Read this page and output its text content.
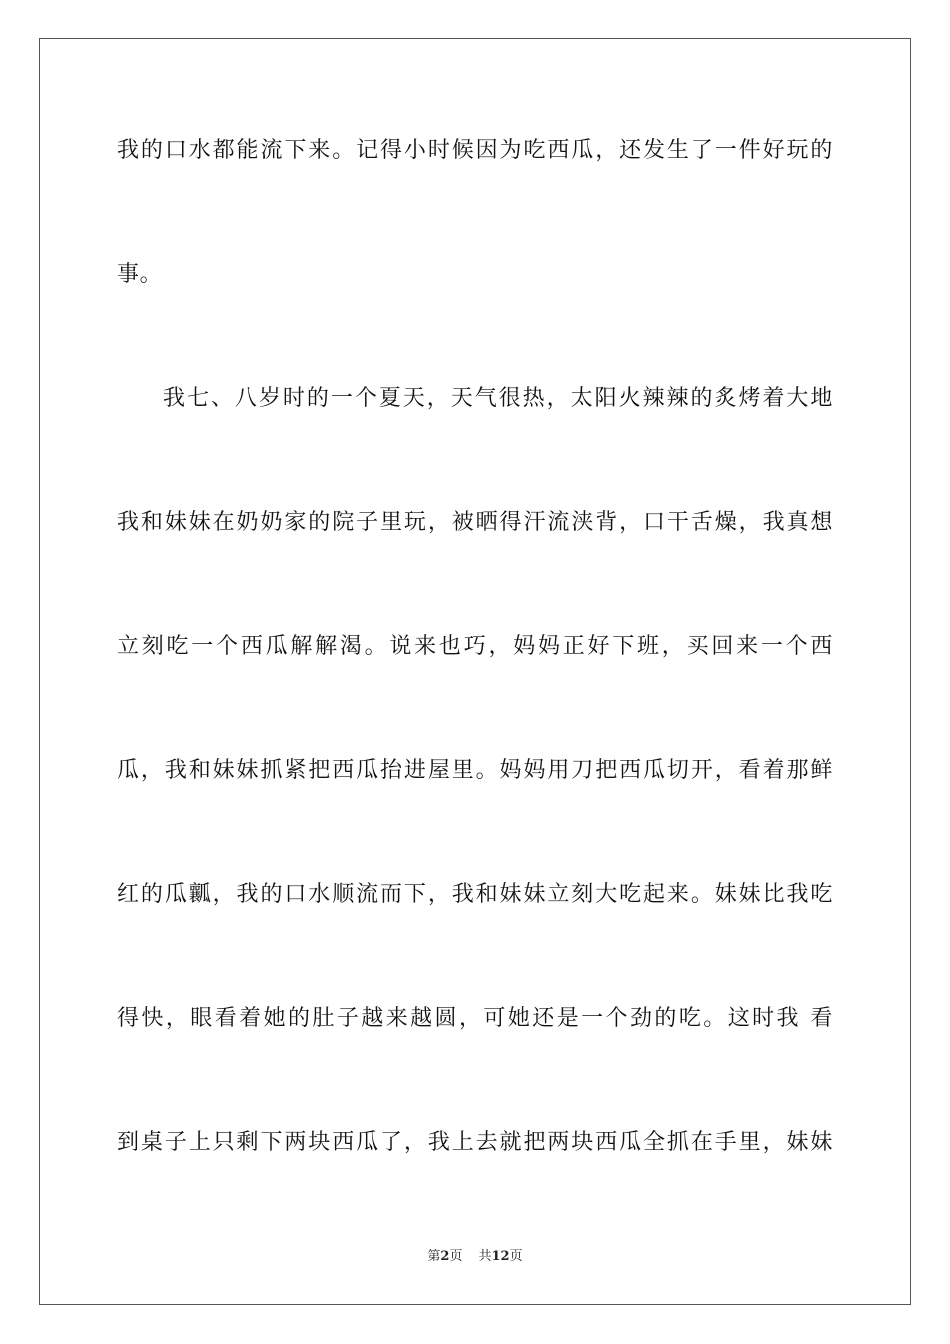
我的口水都能流下来。记得小时候因为吃西瓜，还发生了一件好玩的
事。
我七、八岁时的一个夏天，天气很热，太阳火辣辣的炙烤着大地
我和妹妹在奶奶家的院子里玩，被晒得汗流浃背，口干舌燥，我真想
立刻吃一个西瓜解解渴。说来也巧，妈妈正好下班，买回来一个西
瓜，我和妹妹抓紧把西瓜抬进屋里。妈妈用刀把西瓜切开，看着那鲜
红的瓜瓤，我的口水顺流而下，我和妹妹立刻大吃起来。妹妹比我吃
得快，眼看着她的肚子越来越圆，可她还是一个劲的吃。这时我 看
到桌子上只剩下两块西瓜了，我上去就把两块西瓜全抓在手里，妹妹
第2页 共12页
